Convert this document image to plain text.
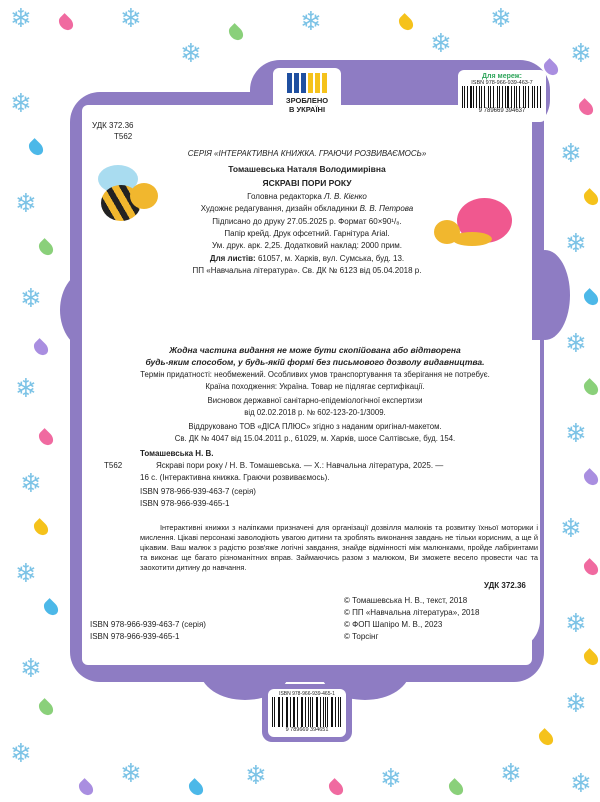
❄	❄	❄	❄
❄
❄
❄
❄
❄
❄
❄
❄
❄
❄
❄
❄
❄
❄
❄
❄
❄	❄	❄	❄ ❄
❄	❄
ЗРОБЛЕНО
В УКРАЇНІ
Для мереж:
ISBN 978-966-939-463-7
9 789669 394637
УДК 372.36
Т562
СЕРІЯ «ІНТЕРАКТИВНА КНИЖКА. ГРАЮЧИ РОЗВИВАЄМОСЬ»
Томашевська Наталя Володимирівна
ЯСКРАВІ ПОРИ РОКУ
Головна редакторка Л. В. Кієнко
Художнє редагування, дизайн обкладинки В. В. Петрова
Підписано до друку 27.05.2025 р. Формат 60×90¹/₈.
Папір крейд. Друк офсетний. Гарнітура Arial.
Ум. друк. арк. 2,25. Додатковий наклад: 2000 прим.
Для листів: 61057, м. Харків, вул. Сумська, буд. 13.
ПП «Навчальна література». Св. ДК № 6123 від 05.04.2018 р.
Жодна частина видання не може бути скопійована або відтворена
будь-яким способом, у будь-якій формі без письмового дозволу видавництва.
Термін придатності: необмежений. Особливих умов транспортування та зберігання не потребує.
Країна походження: Україна. Товар не підлягає сертифікації.
Висновок державної санітарно-епідеміологічної експертизи
від 02.02.2018 р. № 602-123-20-1/3009.
Віддруковано ТОВ «ДІСА ПЛЮС» згідно з наданим оригінал-макетом.
Св. ДК № 4047 від 15.04.2011 р., 61029, м. Харків, шосе Салтівське, буд. 154.
Томашевська Н. В.
Т562	Яскраві пори року / Н. В. Томашевська. — Х.: Навчальна література, 2025. —
16 с. (Інтерактивна книжка. Граючи розвиваємось).
ISBN 978-966-939-463-7 (серія)
ISBN 978-966-939-465-1
Інтерактивні книжки з наліпками призначені для організації дозвілля малюків та розвитку їхньої моторики і мислення. Цікаві персонажі заволодіють увагою дитини та зроблять виконання завдань не тільки корисним, а ще й цікавим. Ваш малюк з радістю розв'яже логічні завдання, знайде відмінності між малюнками, пройде лабіринтами та виконає ще багато різноманітних вправ. Займаючись разом з малюком, Ви зможете весело провести час та заохотити дитину до навчання.
УДК 372.36
© Томашевська Н. В., текст, 2018
© ПП «Навчальна література», 2018
© ФОП Шапіро М. В., 2023
© Торсінг
ISBN 978-966-939-463-7 (серія)
ISBN 978-966-939-465-1
ISBN 978-966-939-465-1
9 789669 394651
